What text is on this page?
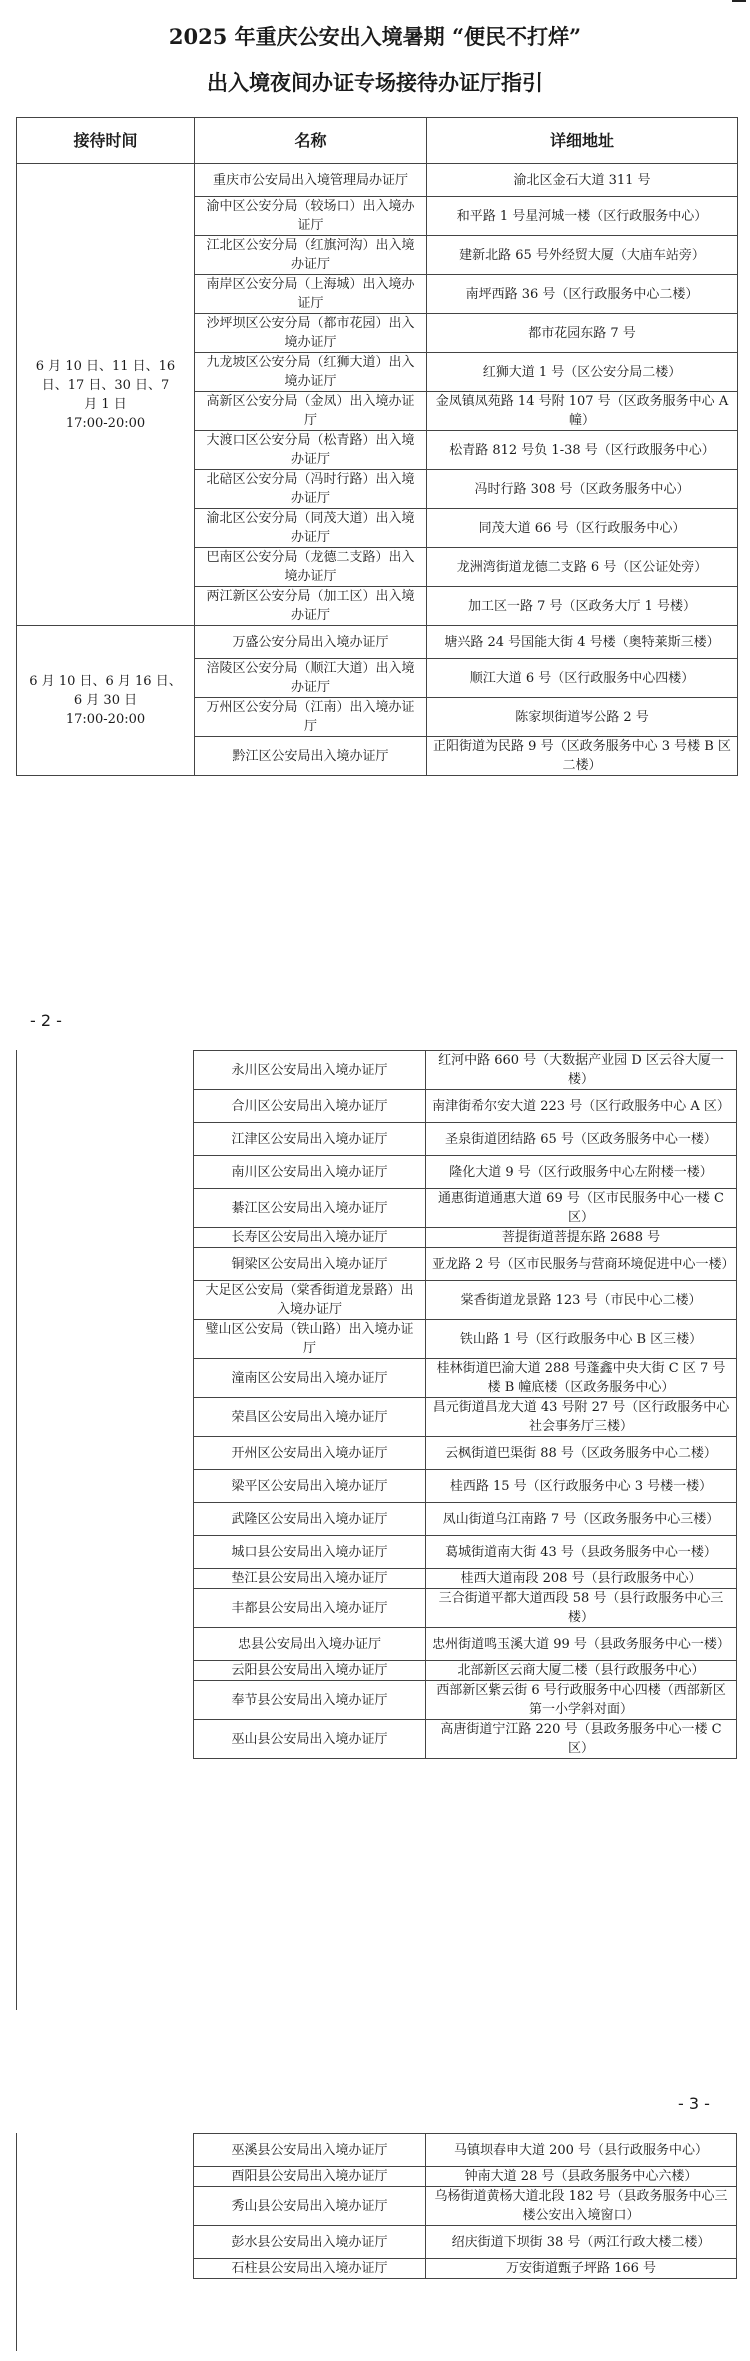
2025 年重庆公安出入境暑期 “便民不打烊”
出入境夜间办证专场接待办证厅指引
接待时间	名称	详细地址

6 月 10 日、11 日、16
日、17 日、30 日、7
月 1 日
17:00-20:00	重庆市公安局出入境管理局办证厅	渝北区金石大道 311 号
	渝中区公安分局（较场口）出入境办证厅	和平路 1 号星河城一楼（区行政服务中心）
	江北区公安分局（红旗河沟）出入境办证厅	建新北路 65 号外经贸大厦（大庙车站旁）
	南岸区公安分局（上海城）出入境办证厅	南坪西路 36 号（区行政服务中心二楼）
	沙坪坝区公安分局（都市花园）出入境办证厅	都市花园东路 7 号
	九龙坡区公安分局（红狮大道）出入境办证厅	红狮大道 1 号（区公安分局二楼）
	高新区公安分局（金凤）出入境办证厅	金凤镇凤苑路 14 号附 107 号（区政务服务中心 A 幢）
	大渡口区公安分局（松青路）出入境办证厅	松青路 812 号负 1-38 号（区行政服务中心）
	北碚区公安分局（冯时行路）出入境办证厅	冯时行路 308 号（区政务服务中心）
	渝北区公安分局（同茂大道）出入境办证厅	同茂大道 66 号（区行政服务中心）
	巴南区公安分局（龙德二支路）出入境办证厅	龙洲湾街道龙德二支路 6 号（区公证处旁）
	两江新区公安分局（加工区）出入境办证厅	加工区一路 7 号（区政务大厅 1 号楼）

6 月 10 日、6 月 16 日、
6 月 30 日
17:00-20:00	万盛公安分局出入境办证厅	塘兴路 24 号国能大街 4 号楼（奥特莱斯三楼）
	涪陵区公安分局（顺江大道）出入境办证厅	顺江大道 6 号（区行政服务中心四楼）
	万州区公安分局（江南）出入境办证厅	陈家坝街道岑公路 2 号
	黔江区公安局出入境办证厅	正阳街道为民路 9 号（区政务服务中心 3 号楼 B 区二楼）
- 2 -
永川区公安局出入境办证厅	红河中路 660 号（大数据产业园 D 区云谷大厦一楼）
合川区公安局出入境办证厅	南津街希尔安大道 223 号（区行政服务中心 A 区）
江津区公安局出入境办证厅	圣泉街道团结路 65 号（区政务服务中心一楼）
南川区公安局出入境办证厅	隆化大道 9 号（区行政服务中心左附楼一楼）
綦江区公安局出入境办证厅	通惠街道通惠大道 69 号（区市民服务中心一楼 C 区）
长寿区公安局出入境办证厅	菩提街道菩提东路 2688 号
铜梁区公安局出入境办证厅	亚龙路 2 号（区市民服务与营商环境促进中心一楼）
大足区公安局（棠香街道龙景路）出入境办证厅	棠香街道龙景路 123 号（市民中心二楼）
璧山区公安局（铁山路）出入境办证厅	铁山路 1 号（区行政服务中心 B 区三楼）
潼南区公安局出入境办证厅	桂林街道巴渝大道 288 号蓬鑫中央大街 C 区 7 号楼 B 幢底楼（区政务服务中心）
荣昌区公安局出入境办证厅	昌元街道昌龙大道 43 号附 27 号（区行政服务中心社会事务厅三楼）
开州区公安局出入境办证厅	云枫街道巴渠街 88 号（区政务服务中心二楼）
梁平区公安局出入境办证厅	桂西路 15 号（区行政服务中心 3 号楼一楼）
武隆区公安局出入境办证厅	凤山街道乌江南路 7 号（区政务服务中心三楼）
城口县公安局出入境办证厅	葛城街道南大街 43 号（县政务服务中心一楼）
垫江县公安局出入境办证厅	桂西大道南段 208 号（县行政服务中心）
丰都县公安局出入境办证厅	三合街道平都大道西段 58 号（县行政服务中心三楼）
忠县公安局出入境办证厅	忠州街道鸣玉溪大道 99 号（县政务服务中心一楼）
云阳县公安局出入境办证厅	北部新区云商大厦二楼（县行政服务中心）
奉节县公安局出入境办证厅	西部新区紫云街 6 号行政服务中心四楼（西部新区第一小学斜对面）
巫山县公安局出入境办证厅	高唐街道宁江路 220 号（县政务服务中心一楼 C 区）
- 3 -
巫溪县公安局出入境办证厅	马镇坝春申大道 200 号（县行政服务中心）
酉阳县公安局出入境办证厅	钟南大道 28 号（县政务服务中心六楼）
秀山县公安局出入境办证厅	乌杨街道黄杨大道北段 182 号（县政务服务中心三楼公安出入境窗口）
彭水县公安局出入境办证厅	绍庆街道下坝街 38 号（两江行政大楼二楼）
石柱县公安局出入境办证厅	万安街道甄子坪路 166 号
